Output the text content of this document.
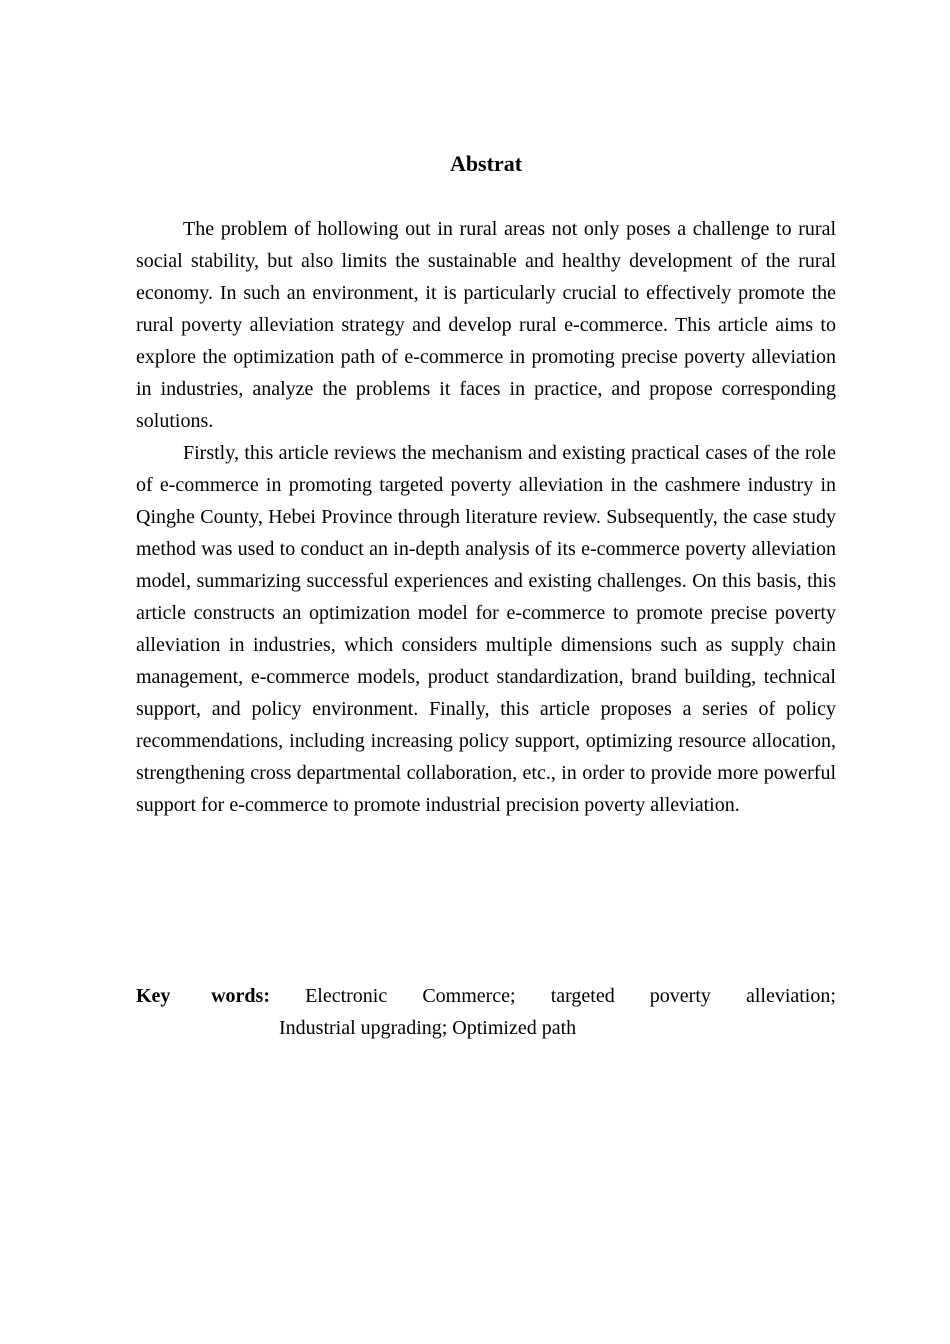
Abstrat

The problem of hollowing out in rural areas not only poses a challenge to rural social stability, but also limits the sustainable and healthy development of the rural economy. In such an environment, it is particularly crucial to effectively promote the rural poverty alleviation strategy and develop rural e-commerce. This article aims to explore the optimization path of e-commerce in promoting precise poverty alleviation in industries, analyze the problems it faces in practice, and propose corresponding solutions.

Firstly, this article reviews the mechanism and existing practical cases of the role of e-commerce in promoting targeted poverty alleviation in the cashmere industry in Qinghe County, Hebei Province through literature review. Subsequently, the case study method was used to conduct an in-depth analysis of its e-commerce poverty alleviation model, summarizing successful experiences and existing challenges. On this basis, this article constructs an optimization model for e-commerce to promote precise poverty alleviation in industries, which considers multiple dimensions such as supply chain management, e-commerce models, product standardization, brand building, technical support, and policy environment. Finally, this article proposes a series of policy recommendations, including increasing policy support, optimizing resource allocation, strengthening cross departmental collaboration, etc., in order to provide more powerful support for e-commerce to promote industrial precision poverty alleviation.

Key words: Electronic Commerce; targeted poverty alleviation;
Industrial upgrading; Optimized path
